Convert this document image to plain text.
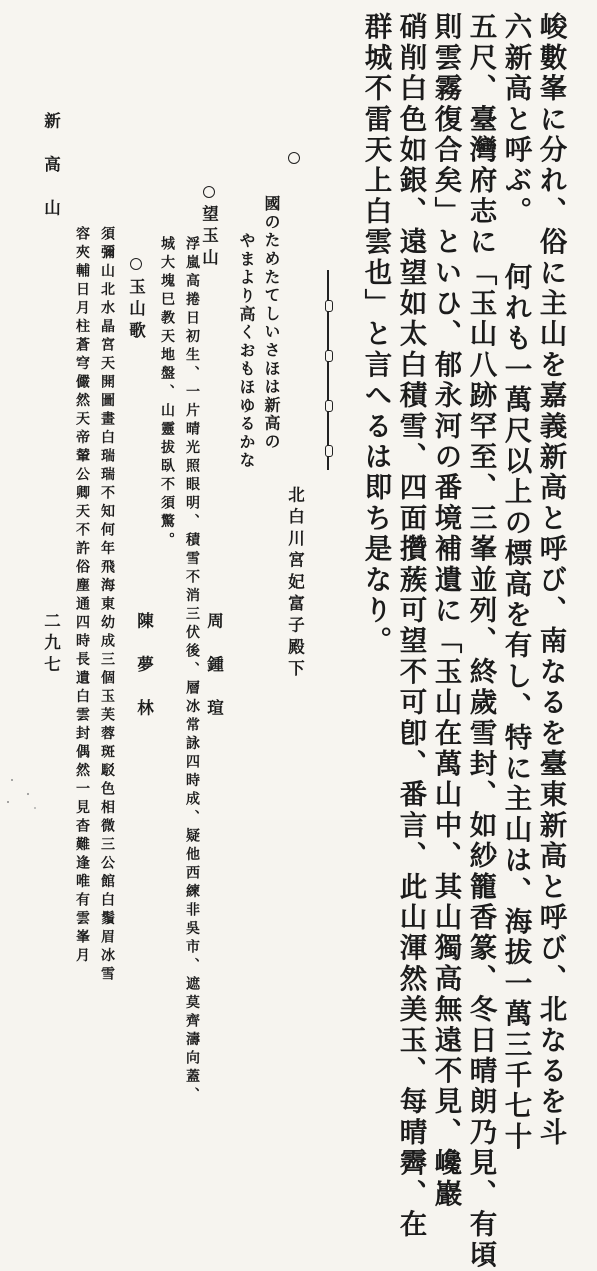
峻數峯に分れ、俗に主山を嘉義新高と呼び、南なるを臺東新高と呼び、北なるを斗
六新高と呼ぶ。 何れも一萬尺以上の標高を有し、特に主山は、海拔一萬三千七十
五尺、臺灣府志に「玉山八跡罕至、三峯並列、終歲雪封、如紗籠香篆、冬日晴朗乃見、有頃
則雲霧復合矣」といひ、郁永河の番境補遺に「玉山在萬山中、其山獨高無遠不見、巉巖
硝削白色如銀、遠望如太白積雪、四面攢蔟可望不可卽、番言、此山渾然美玉、每晴霽、在
群城不雷天上白雲也」と言へるは即ち是なり。
北白川宮妃富子殿下
國のためたてしいさほは新高の
やまより高くおもほゆるかな
望玉山
周　鍾　瑄
浮嵐高捲日初生、一片晴光照眼明、積雪不消三伏後、層冰常詠四時成、疑他西練非吳市、遮莫齊濤向蓋、
城大塊巳教天地盤、山靈拔臥不須驚。
玉山歌
陳　夢　林
須彌山北水晶宮天開圖畫白瑞瑞不知何年飛海東幼成三個玉芙蓉斑駁色相微三公館白鬚眉冰雪
容夾輔日月柱蒼穹儼然天帝輦公卿天不許俗塵通四時長遺白雲封偶然一見杳難逢唯有雲峯月
新　高　山
二九七
